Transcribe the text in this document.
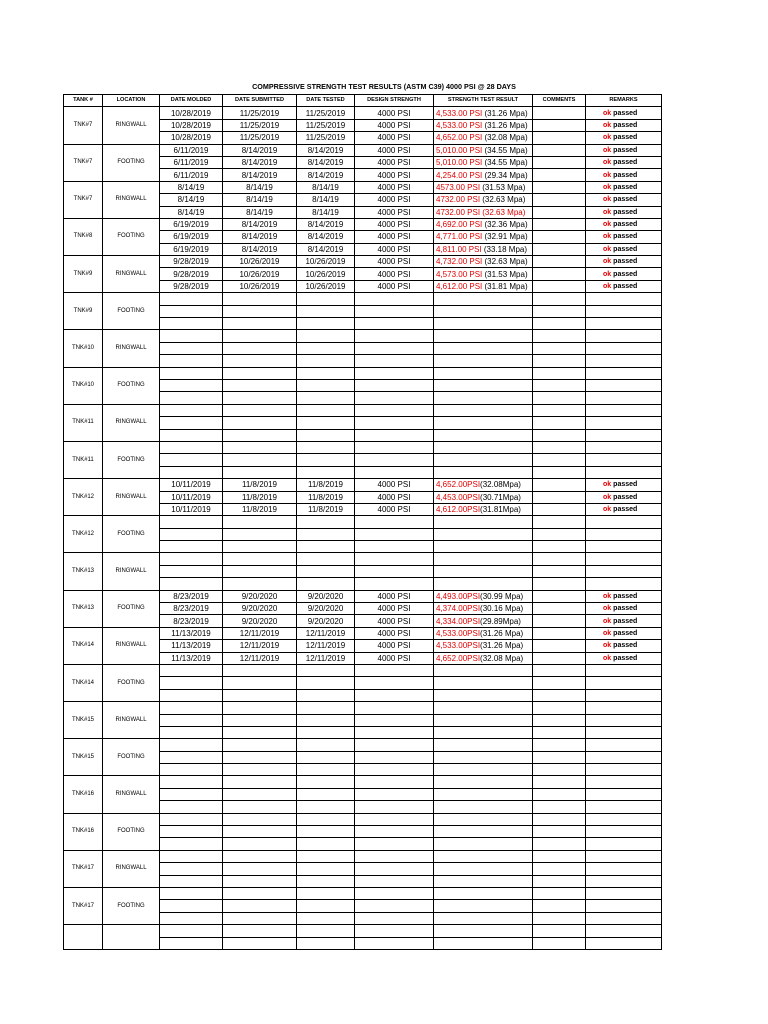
COMPRESSIVE STRENGTH TEST RESULTS (ASTM C39) 4000 PSI @ 28 DAYS
TANK #	LOCATION	DATE MOLDED	DATE SUBMITTED	DATE TESTED	DESIGN STRENGTH	STRENGTH TEST RESULT	COMMENTS	REMARKS
TNK#7	RINGWALL	10/28/2019	11/25/2019	11/25/2019	4000 PSI	4,533.00 PSI (31.26 Mpa)		ok passed
		10/28/2019	11/25/2019	11/25/2019	4000 PSI	4,533.00 PSI (31.26 Mpa)		ok passed
		10/28/2019	11/25/2019	11/25/2019	4000 PSI	4,652.00 PSI (32.08 Mpa)		ok passed
TNK#7	FOOTING	6/11/2019	8/14/2019	8/14/2019	4000 PSI	5,010.00 PSI (34.55 Mpa)		ok passed
		6/11/2019	8/14/2019	8/14/2019	4000 PSI	5,010.00 PSI (34.55 Mpa)		ok passed
		6/11/2019	8/14/2019	8/14/2019	4000 PSI	4,254.00 PSI (29.34 Mpa)		ok passed
TNK#7	RINGWALL	8/14/19	8/14/19	8/14/19	4000 PSI	4573.00 PSI (31.53 Mpa)		ok passed
		8/14/19	8/14/19	8/14/19	4000 PSI	4732.00 PSI (32.63 Mpa)		ok passed
		8/14/19	8/14/19	8/14/19	4000 PSI	4732.00 PSI (32.63 Mpa)		ok passed
TNK#8	FOOTING	6/19/2019	8/14/2019	8/14/2019	4000 PSI	4,692.00 PSI (32.36 Mpa)		ok passed
		6/19/2019	8/14/2019	8/14/2019	4000 PSI	4,771.00 PSI (32.91 Mpa)		ok passed
		6/19/2019	8/14/2019	8/14/2019	4000 PSI	4,811.00 PSI (33.18 Mpa)		ok passed
TNK#9	RINGWALL	9/28/2019	10/26/2019	10/26/2019	4000 PSI	4,732.00 PSI (32.63 Mpa)		ok passed
		9/28/2019	10/26/2019	10/26/2019	4000 PSI	4,573.00 PSI (31.53 Mpa)		ok passed
		9/28/2019	10/26/2019	10/26/2019	4000 PSI	4,612.00 PSI (31.81 Mpa)		ok passed
TNK#9	FOOTING							

TNK#10	RINGWALL							

TNK#10	FOOTING							

TNK#11	RINGWALL							

TNK#11	FOOTING							

TNK#12	RINGWALL	10/11/2019	11/8/2019	11/8/2019	4000 PSI	4,652.00PSI(32.08Mpa)		ok passed
		10/11/2019	11/8/2019	11/8/2019	4000 PSI	4,453.00PSI(30.71Mpa)		ok passed
		10/11/2019	11/8/2019	11/8/2019	4000 PSI	4,612.00PSI(31.81Mpa)		ok passed
TNK#12	FOOTING							

TNK#13	RINGWALL							

TNK#13	FOOTING	8/23/2019	9/20/2020	9/20/2020	4000 PSI	4,493.00PSI(30.99 Mpa)		ok passed
		8/23/2019	9/20/2020	9/20/2020	4000 PSI	4,374.00PSI(30.16 Mpa)		ok passed
		8/23/2019	9/20/2020	9/20/2020	4000 PSI	4,334.00PSI(29.89Mpa)		ok passed
TNK#14	RINGWALL	11/13/2019	12/11/2019	12/11/2019	4000 PSI	4,533.00PSI(31.26 Mpa)		ok passed
		11/13/2019	12/11/2019	12/11/2019	4000 PSI	4,533.00PSI(31.26 Mpa)		ok passed
		11/13/2019	12/11/2019	12/11/2019	4000 PSI	4,652.00PSI(32.08 Mpa)		ok passed
TNK#14	FOOTING							

TNK#15	RINGWALL							

TNK#15	FOOTING							

TNK#16	RINGWALL							

TNK#16	FOOTING							

TNK#17	RINGWALL							

TNK#17	FOOTING							
